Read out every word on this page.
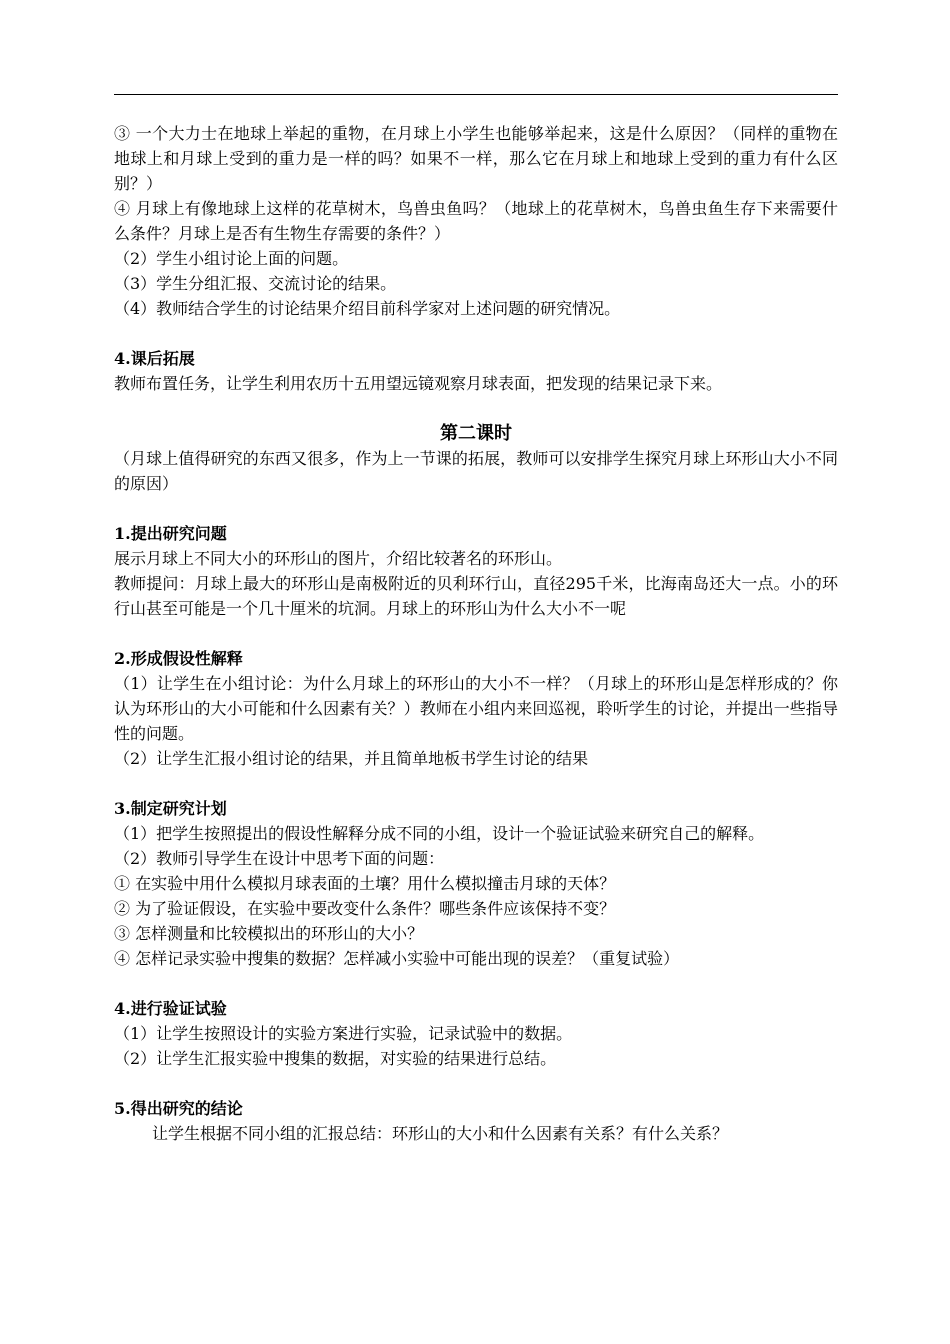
③ 一个大力士在地球上举起的重物，在月球上小学生也能够举起来，这是什么原因？（同样的重物在地球上和月球上受到的重力是一样的吗？如果不一样，那么它在月球上和地球上受到的重力有什么区别？）

④ 月球上有像地球上这样的花草树木，鸟兽虫鱼吗？（地球上的花草树木，鸟兽虫鱼生存下来需要什么条件？月球上是否有生物生存需要的条件？）

（2）学生小组讨论上面的问题。

（3）学生分组汇报、交流讨论的结果。

（4）教师结合学生的讨论结果介绍目前科学家对上述问题的研究情况。

4.课后拓展

教师布置任务，让学生利用农历十五用望远镜观察月球表面，把发现的结果记录下来。

第二课时

（月球上值得研究的东西又很多，作为上一节课的拓展，教师可以安排学生探究月球上环形山大小不同的原因）

1.提出研究问题

展示月球上不同大小的环形山的图片，介绍比较著名的环形山。

教师提问：月球上最大的环形山是南极附近的贝利环行山，直径295千米，比海南岛还大一点。小的环行山甚至可能是一个几十厘米的坑洞。月球上的环形山为什么大小不一呢

2.形成假设性解释

（1）让学生在小组讨论：为什么月球上的环形山的大小不一样？（月球上的环形山是怎样形成的？你认为环形山的大小可能和什么因素有关？）教师在小组内来回巡视，聆听学生的讨论，并提出一些指导性的问题。

（2）让学生汇报小组讨论的结果，并且简单地板书学生讨论的结果

3.制定研究计划

（1）把学生按照提出的假设性解释分成不同的小组，设计一个验证试验来研究自己的解释。

（2）教师引导学生在设计中思考下面的问题：

① 在实验中用什么模拟月球表面的土壤？用什么模拟撞击月球的天体？

② 为了验证假设，在实验中要改变什么条件？哪些条件应该保持不变？

③ 怎样测量和比较模拟出的环形山的大小？

④ 怎样记录实验中搜集的数据？怎样减小实验中可能出现的误差？（重复试验）

4.进行验证试验

（1）让学生按照设计的实验方案进行实验，记录试验中的数据。

（2）让学生汇报实验中搜集的数据，对实验的结果进行总结。

5.得出研究的结论

让学生根据不同小组的汇报总结：环形山的大小和什么因素有关系？有什么关系？
